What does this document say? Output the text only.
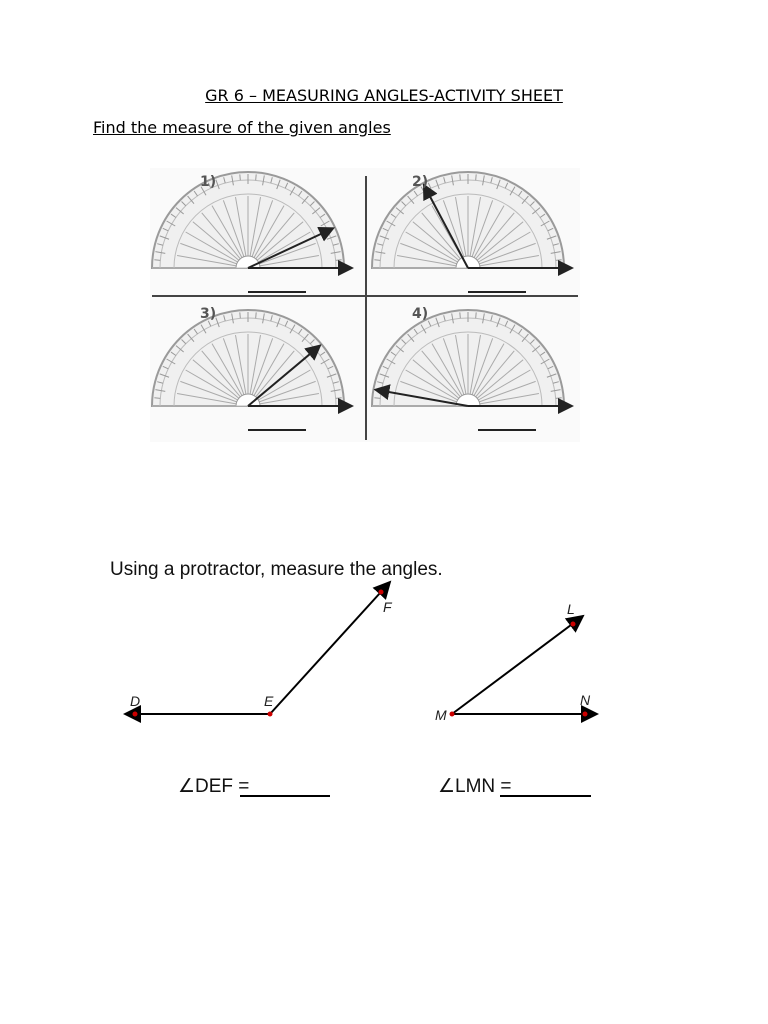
GR 6 – MEASURING ANGLES-ACTIVITY SHEET
Find the measure of the given angles
1)	2)
3)	4)
Using a protractor, measure the angles.
D	E
F
M
N
L
∠DEF =	∠LMN =
